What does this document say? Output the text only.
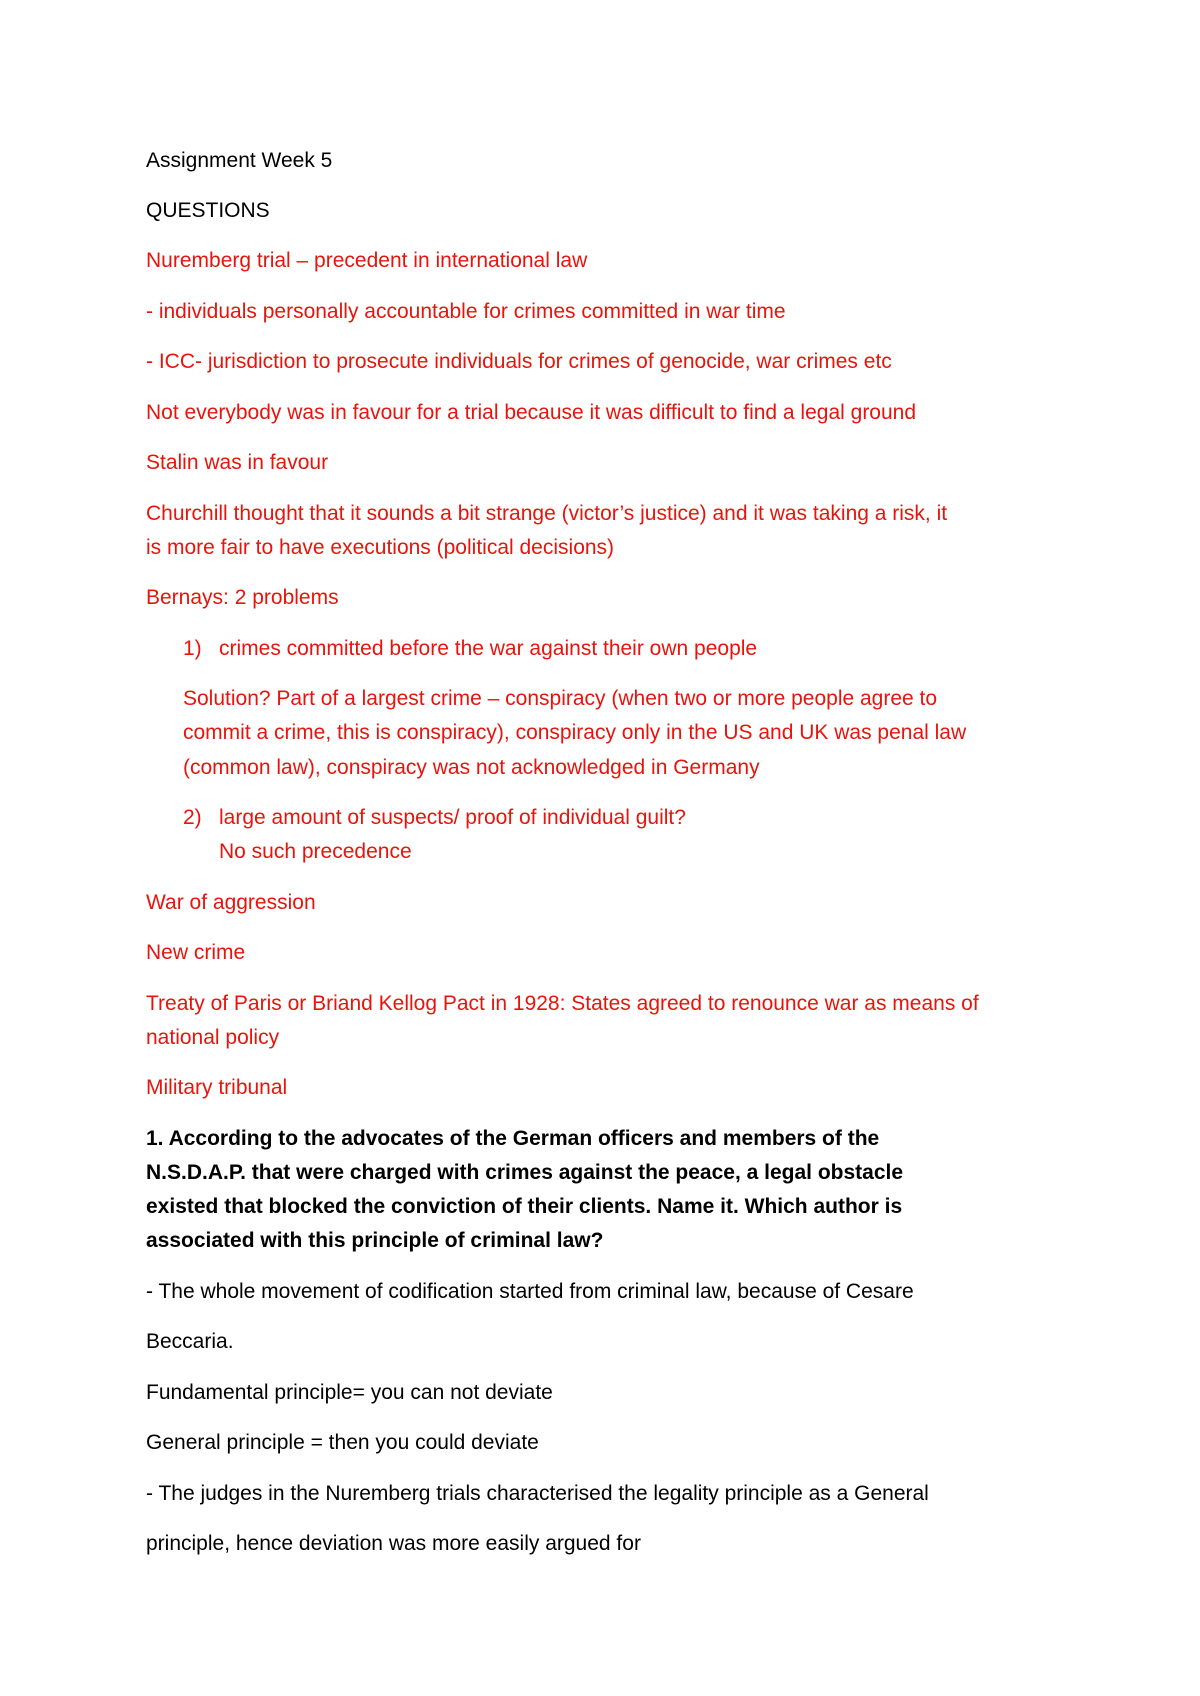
Assignment Week 5
QUESTIONS
Nuremberg trial – precedent in international law
- individuals personally accountable for crimes committed in war time
- ICC- jurisdiction to prosecute individuals for crimes of genocide, war crimes etc
Not everybody was in favour for a trial because it was difficult to find a legal ground
Stalin was in favour
Churchill thought that it sounds a bit strange (victor’s justice) and it was taking a risk, it
is more fair to have executions (political decisions)
Bernays: 2 problems
1) crimes committed before the war against their own people
Solution? Part of a largest crime – conspiracy (when two or more people agree to
commit a crime, this is conspiracy), conspiracy only in the US and UK was penal law
(common law), conspiracy was not acknowledged in Germany
2) large amount of suspects/ proof of individual guilt?
No such precedence
War of aggression
New crime
Treaty of Paris or Briand Kellog Pact in 1928: States agreed to renounce war as means of
national policy
Military tribunal
1. According to the advocates of the German officers and members of the
N.S.D.A.P. that were charged with crimes against the peace, a legal obstacle
existed that blocked the conviction of their clients. Name it. Which author is
associated with this principle of criminal law?
- The whole movement of codification started from criminal law, because of Cesare
Beccaria.
Fundamental principle= you can not deviate
General principle = then you could deviate
- The judges in the Nuremberg trials characterised the legality principle as a General
principle, hence deviation was more easily argued for
